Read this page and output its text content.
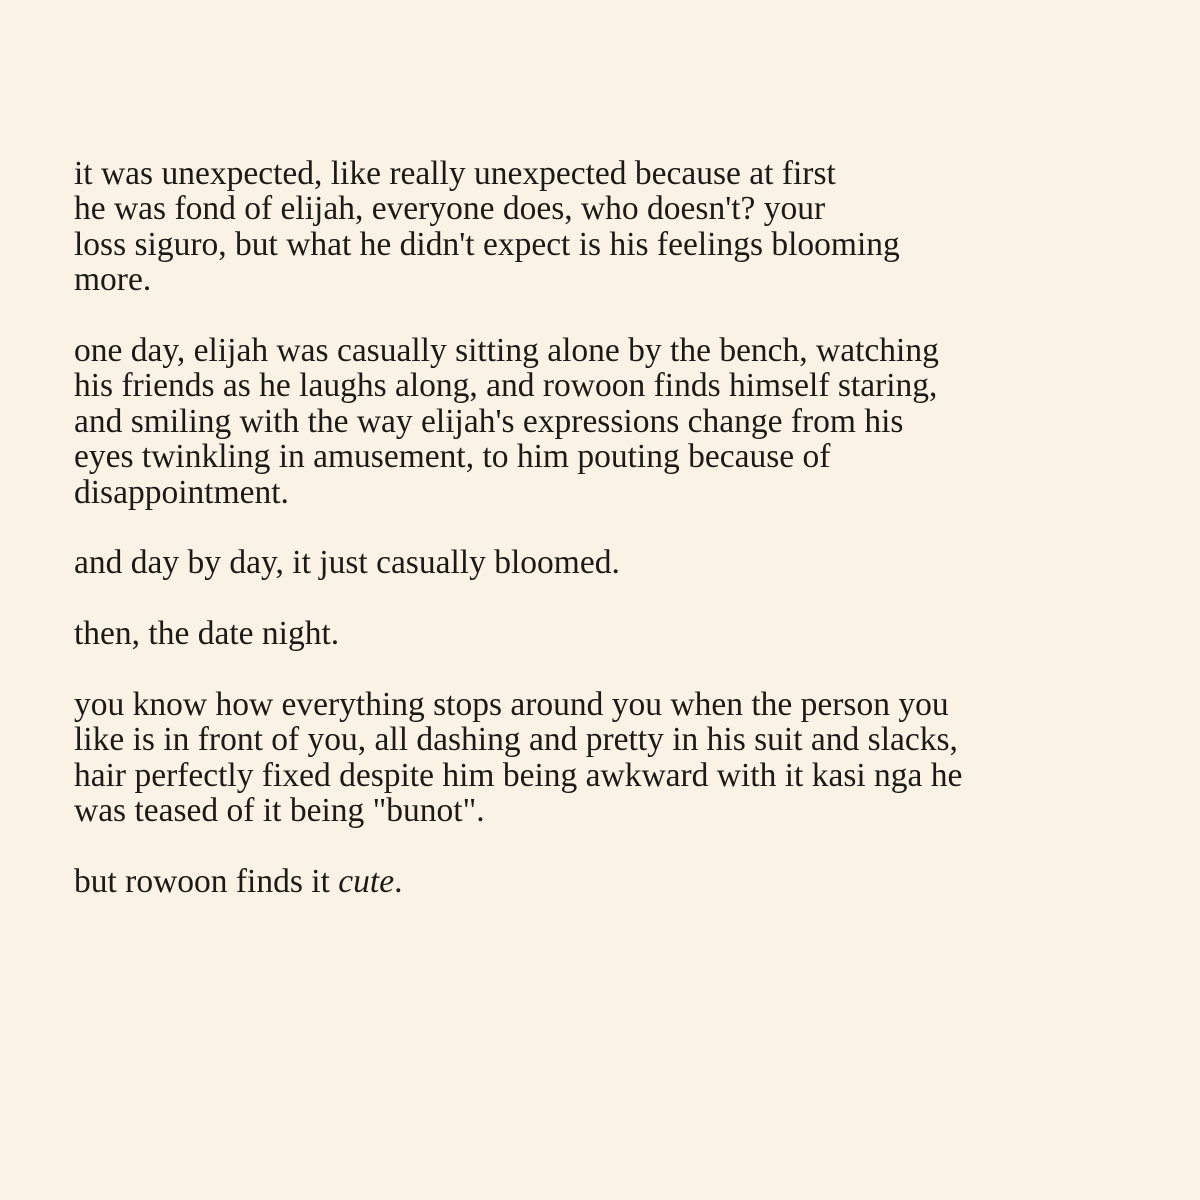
it was unexpected, like really unexpected because at first
he was fond of elijah, everyone does, who doesn't? your
loss siguro, but what he didn't expect is his feelings blooming
more.

one day, elijah was casually sitting alone by the bench, watching
his friends as he laughs along, and rowoon finds himself staring,
and smiling with the way elijah's expressions change from his
eyes twinkling in amusement, to him pouting because of
disappointment.

and day by day, it just casually bloomed.

then, the date night.

you know how everything stops around you when the person you
like is in front of you, all dashing and pretty in his suit and slacks,
hair perfectly fixed despite him being awkward with it kasi nga he
was teased of it being "bunot".

but rowoon finds it cute.
